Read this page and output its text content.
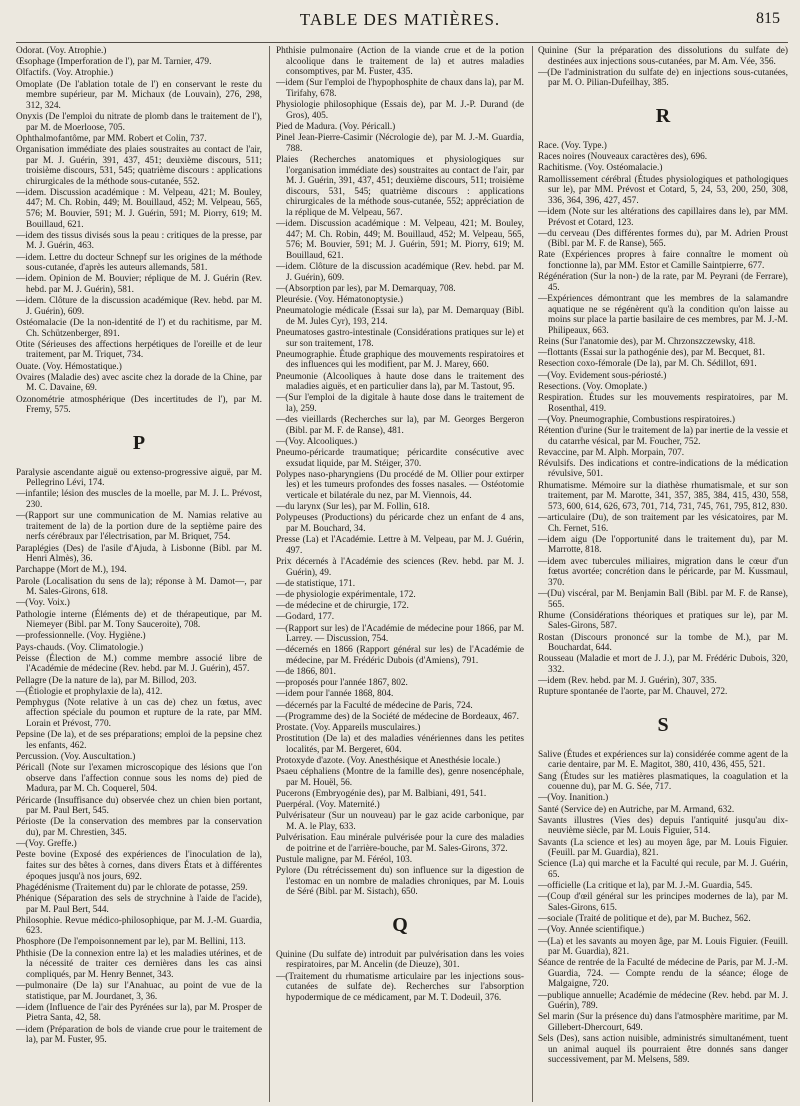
TABLE DES MATIÈRES.	815
Odorat. (Voy. Atrophie.)
Œsophage (Imperforation de l'), par M. Tarnier, 479.
Olfactifs. (Voy. Atrophie.)
Omoplate (De l'ablation totale de l') en conservant le reste du membre supérieur, par M. Michaux (de Louvain), 276, 298, 312, 324.
Onyxis (De l'emploi du nitrate de plomb dans le traitement de l'), par M. de Moerloose, 705.
Ophthalmofantôme, par MM. Robert et Colin, 737.
Organisation immédiate des plaies soustraites au contact de l'air, par M. J. Guérin, 391, 437, 451; deuxième discours, 511; troisième discours, 531, 545; quatrième discours : applications chirurgicales de la méthode sous-cutanée, 552.
—idem. Discussion académique : M. Velpeau, 421; M. Bouley, 447; M. Ch. Robin, 449; M. Bouillaud, 452; M. Velpeau, 565, 576; M. Bouvier, 591; M. J. Guérin, 591; M. Piorry, 619; M. Bouillaud, 621.
—idem des tissus divisés sous la peau : critiques de la presse, par M. J. Guérin, 463.
—idem. Lettre du docteur Schnepf sur les origines de la méthode sous-cutanée, d'après les auteurs allemands, 581.
—idem. Opinion de M. Bouvier; réplique de M. J. Guérin (Rev. hebd. par M. J. Guérin), 581.
—idem. Clôture de la discussion académique (Rev. hebd. par M. J. Guérin), 609.
Ostéomalacie (De la non-identité de l') et du rachitisme, par M. Ch. Schützenberger, 891.
Otite (Sérieuses des affections herpétiques de l'oreille et de leur traitement, par M. Triquet, 734.
Ouate. (Voy. Hémostatique.)
Ovaires (Maladie des) avec ascite chez la dorade de la Chine, par M. C. Davaine, 69.
Ozonométrie atmosphérique (Des incertitudes de l'), par M. Fremy, 575.
P
Paralysie ascendante aiguë ou extenso-progressive aiguë, par M. Pellegrino Lévi, 174.
—infantile; lésion des muscles de la moelle, par M. J. L. Prévost, 230.
—(Rapport sur une communication de M. Namias relative au traitement de la) de la portion dure de la septième paire des nerfs cérébraux par l'électrisation, par M. Briquet, 754.
Paraplégies (Des) de l'asile d'Ajuda, à Lisbonne (Bibl. par M. Henri Almès), 36.
Parchappe (Mort de M.), 194.
Parole (Localisation du sens de la); réponse à M. Damot—, par M. Sales-Girons, 618.
—(Voy. Voix.)
Pathologie interne (Éléments de) et de thérapeutique, par M. Niemeyer (Bibl. par M. Tony Sauceroite), 708.
—professionnelle. (Voy. Hygiène.)
Pays-chauds. (Voy. Climatologie.)
Peisse (Élection de M.) comme membre associé libre de l'Académie de médecine (Rev. hebd. par M. J. Guérin), 457.
Pellagre (De la nature de la), par M. Billod, 203.
—(Étiologie et prophylaxie de la), 412.
Pemphygus (Note relative à un cas de) chez un fœtus, avec affection spéciale du poumon et rupture de la rate, par MM. Lorain et Prévost, 770.
Pepsine (De la), et de ses préparations; emploi de la pepsine chez les enfants, 462.
Percussion. (Voy. Auscultation.)
Péricall (Note sur l'examen microscopique des lésions que l'on observe dans l'affection connue sous les noms de) pied de Madura, par M. Ch. Coquerel, 504.
Péricarde (Insuffisance du) observée chez un chien bien portant, par M. Paul Bert, 545.
Périoste (De la conservation des membres par la conservation du), par M. Chrestien, 345.
—(Voy. Greffe.)
Peste bovine (Exposé des expériences de l'inoculation de la), faites sur des bêtes à cornes, dans divers États et à différentes époques jusqu'à nos jours, 692.
Phagédénisme (Traitement du) par le chlorate de potasse, 259.
Phénique (Séparation des sels de strychnine à l'aide de l'acide), par M. Paul Bert, 544.
Philosophie. Revue médico-philosophique, par M. J.-M. Guardia, 623.
Phosphore (De l'empoisonnement par le), par M. Bellini, 113.
Phthisie (De la connexion entre la) et les maladies utérines, et de la nécessité de traiter ces dernières dans les cas ainsi compliqués, par M. Henry Bennet, 343.
—pulmonaire (De la) sur l'Anahuac, au point de vue de la statistique, par M. Jourdanet, 3, 36.
—idem (Influence de l'air des Pyrénées sur la), par M. Prosper de Pietra Santa, 42, 58.
—idem (Préparation de bols de viande crue pour le traitement de la), par M. Fuster, 95.
Phthisie pulmonaire (Action de la viande crue et de la potion alcoolique dans le traitement de la) et autres maladies consomptives, par M. Fuster, 435.
—idem (Sur l'emploi de l'hypophosphite de chaux dans la), par M. Tirifahy, 678.
Physiologie philosophique (Essais de), par M. J.-P. Durand (de Gros), 405.
Pied de Madura. (Voy. Péricall.)
Pinel Jean-Pierre-Casimir (Nécrologie de), par M. J.-M. Guardia, 788.
Plaies (Recherches anatomiques et physiologiques sur l'organisation immédiate des) soustraites au contact de l'air, par M. J. Guérin, 391, 437, 451; deuxième discours, 511; troisième discours, 531, 545; quatrième discours : applications chirurgicales de la méthode sous-cutanée, 552; appréciation de la réplique de M. Velpeau, 567.
—idem. Discussion académique : M. Velpeau, 421; M. Bouley, 447; M. Ch. Robin, 449; M. Bouillaud, 452; M. Velpeau, 565, 576; M. Bouvier, 591; M. J. Guérin, 591; M. Piorry, 619; M. Bouillaud, 621.
—idem. Clôture de la discussion académique (Rev. hebd. par M. J. Guérin), 609.
—(Absorption par les), par M. Demarquay, 708.
Pleurésie. (Voy. Hématonoptysie.)
Pneumatologie médicale (Essai sur la), par M. Demarquay (Bibl. de M. Jules Cyr), 193, 214.
Pneumatoses gastro-intestinale (Considérations pratiques sur le) et sur son traitement, 178.
Pneumographie. Étude graphique des mouvements respiratoires et des influences qui les modifient, par M. J. Marey, 660.
Pneumonie (Alcooliques à haute dose dans le traitement des maladies aiguës, et en particulier dans la), par M. Tastout, 95.
—(Sur l'emploi de la digitale à haute dose dans le traitement de la), 259.
—des vieillards (Recherches sur la), par M. Georges Bergeron (Bibl. par M. F. de Ranse), 481.
—(Voy. Alcooliques.)
Pneumo-péricarde traumatique; péricardite consécutive avec exsudat liquide, par M. Stéiger, 370.
Polypes naso-pharyngiens (Du procédé de M. Ollier pour extirper les) et les tumeurs profondes des fosses nasales. — Ostéotomie verticale et bilatérale du nez, par M. Viennois, 44.
—du larynx (Sur les), par M. Follin, 618.
Polypeuses (Productions) du péricarde chez un enfant de 4 ans, par M. Bouchard, 34.
Presse (La) et l'Académie. Lettre à M. Velpeau, par M. J. Guérin, 497.
Prix décernés à l'Académie des sciences (Rev. hebd. par M. J. Guérin), 49.
—de statistique, 171.
—de physiologie expérimentale, 172.
—de médecine et de chirurgie, 172.
—Godard, 177.
—(Rapport sur les) de l'Académie de médecine pour 1866, par M. Larrey. — Discussion, 754.
—décernés en 1866 (Rapport général sur les) de l'Académie de médecine, par M. Frédéric Dubois (d'Amiens), 791.
—de 1866, 801.
—proposés pour l'année 1867, 802.
—idem pour l'année 1868, 804.
—décernés par la Faculté de médecine de Paris, 724.
—(Programme des) de la Société de médecine de Bordeaux, 467.
Prostate. (Voy. Appareils musculaires.)
Prostitution (De la) et des maladies vénériennes dans les petites localités, par M. Bergeret, 604.
Protoxyde d'azote. (Voy. Anesthésique et Anesthésie locale.)
Psaeu céphaliens (Montre de la famille des), genre nosencéphale, par M. Houël, 56.
Pucerons (Embryogénie des), par M. Balbiani, 491, 541.
Puerpéral. (Voy. Maternité.)
Pulvérisateur (Sur un nouveau) par le gaz acide carbonique, par M. A. le Play, 633.
Pulvérisation. Eau minérale pulvérisée pour la cure des maladies de poitrine et de l'arrière-bouche, par M. Sales-Girons, 372.
Pustule maligne, par M. Féréol, 103.
Pylore (Du rétrécissement du) son influence sur la digestion de l'estomac en un nombre de maladies chroniques, par M. Louis de Séré (Bibl. par M. Sistach), 650.
Q
Quinine (Du sulfate de) introduit par pulvérisation dans les voies respiratoires, par M. Ancelin (de Dieuze), 301.
—(Traitement du rhumatisme articulaire par les injections sous-cutanées de sulfate de). Recherches sur l'absorption hypodermique de ce médicament, par M. T. Dodeuil, 376.
Quinine (Sur la préparation des dissolutions du sulfate de) destinées aux injections sous-cutanées, par M. Am. Vée, 356.
—(De l'administration du sulfate de) en injections sous-cutanées, par M. O. Pilian-Dufeilhay, 385.
R
Race. (Voy. Type.)
Races noires (Nouveaux caractères des), 696.
Rachitisme. (Voy. Ostéomalacie.)
Ramollissement cérébral (Études physiologiques et pathologiques sur le), par MM. Prévost et Cotard, 5, 24, 53, 200, 250, 308, 336, 364, 396, 427, 457.
—idem (Note sur les altérations des capillaires dans le), par MM. Prévost et Cotard, 123.
—du cerveau (Des différentes formes du), par M. Adrien Proust (Bibl. par M. F. de Ranse), 565.
Rate (Expériences propres à faire connaître le moment où fonctionne la), par MM. Estor et Camille Saintpierre, 677.
Régénération (Sur la non-) de la rate, par M. Peyrani (de Ferrare), 45.
—Expériences démontrant que les membres de la salamandre aquatique ne se régénèrent qu'à la condition qu'on laisse au moins sur place la partie basilaire de ces membres, par M. J.-M. Philipeaux, 663.
Reins (Sur l'anatomie des), par M. Chrzonszczewsky, 418.
—flottants (Essai sur la pathogénie des), par M. Becquet, 81.
Resection coxo-fémorale (De la), par M. Ch. Sédillot, 691.
—(Voy. Evidement sous-périosté.)
Resections. (Voy. Omoplate.)
Respiration. Études sur les mouvements respiratoires, par M. Rosenthal, 419.
—(Voy. Pneumographie, Combustions respiratoires.)
Rétention d'urine (Sur le traitement de la) par inertie de la vessie et du catarrhe vésical, par M. Foucher, 752.
Revaccine, par M. Alph. Morpain, 707.
Révulsifs. Des indications et contre-indications de la médication révulsive, 501.
Rhumatisme. Mémoire sur la diathèse rhumatismale, et sur son traitement, par M. Marotte, 341, 357, 385, 384, 415, 430, 558, 573, 600, 614, 626, 673, 701, 714, 731, 745, 761, 795, 812, 830.
—articulaire (Du), de son traitement par les vésicatoires, par M. Ch. Fernet, 516.
—idem aigu (De l'opportunité dans le traitement du), par M. Marrotte, 818.
—idem avec tubercules miliaires, migration dans le cœur d'un fœtus avortée; concrétion dans le péricarde, par M. Kussmaul, 370.
—(Du) viscéral, par M. Benjamin Ball (Bibl. par M. F. de Ranse), 565.
Rhume (Considérations théoriques et pratiques sur le), par M. Sales-Girons, 587.
Rostan (Discours prononcé sur la tombe de M.), par M. Bouchardat, 644.
Rousseau (Maladie et mort de J. J.), par M. Frédéric Dubois, 320, 332.
—idem (Rev. hebd. par M. J. Guérin), 307, 335.
Rupture spontanée de l'aorte, par M. Chauvel, 272.
S
Salive (Études et expériences sur la) considérée comme agent de la carie dentaire, par M. E. Magitot, 380, 410, 436, 455, 521.
Sang (Études sur les matières plasmatiques, la coagulation et la couenne du), par M. G. Sée, 717.
—(Voy. Inanition.)
Santé (Service de) en Autriche, par M. Armand, 632.
Savants illustres (Vies des) depuis l'antiquité jusqu'au dix-neuvième siècle, par M. Louis Figuier, 514.
Savants (La science et les) au moyen âge, par M. Louis Figuier. (Feuill. par M. Guardia), 821.
Science (La) qui marche et la Faculté qui recule, par M. J. Guérin, 65.
—officielle (La critique et la), par M. J.-M. Guardia, 545.
—(Coup d'œil général sur les principes modernes de la), par M. Sales-Girons, 615.
—sociale (Traité de politique et de), par M. Buchez, 562.
—(Voy. Année scientifique.)
—(La) et les savants au moyen âge, par M. Louis Figuier. (Feuill. par M. Guardia), 821.
Séance de rentrée de la Faculté de médecine de Paris, par M. J.-M. Guardia, 724. — Compte rendu de la séance; éloge de Malgaigne, 720.
—publique annuelle; Académie de médecine (Rev. hebd. par M. J. Guérin), 789.
Sel marin (Sur la présence du) dans l'atmosphère maritime, par M. Gillebert-Dhercourt, 649.
Sels (Des), sans action nuisible, administrés simultanément, tuent un animal auquel ils pourraient être donnés sans danger successivement, par M. Melsens, 589.
